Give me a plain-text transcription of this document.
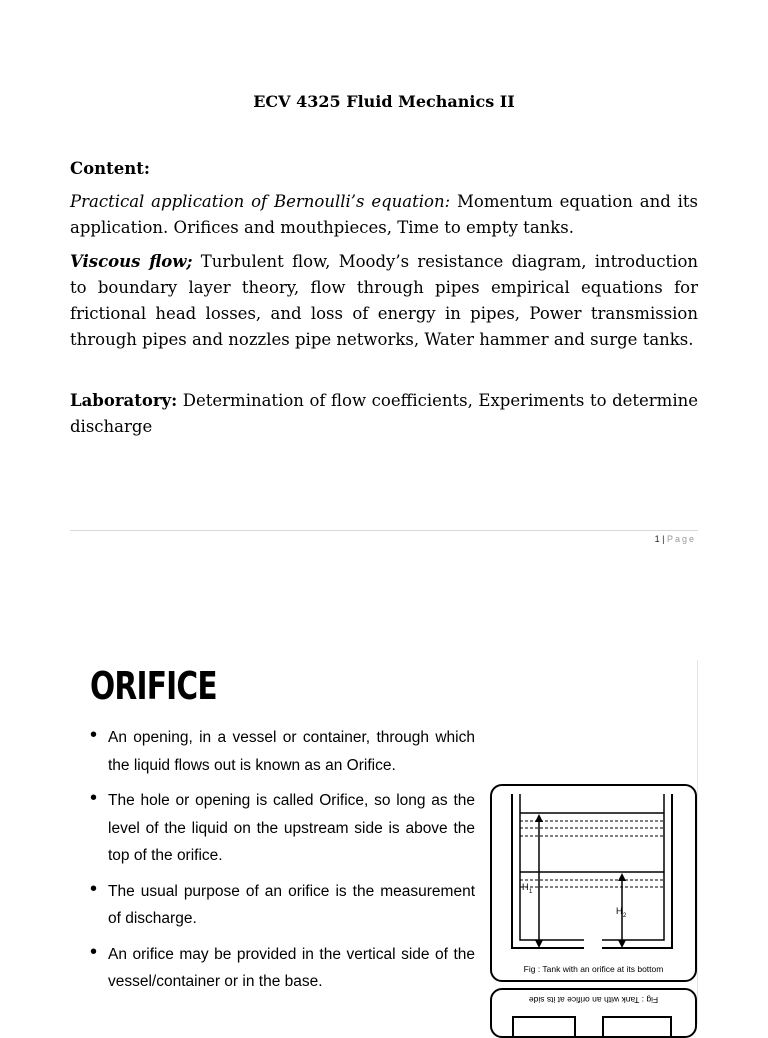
ECV 4325 Fluid Mechanics II
Content:
Practical application of Bernoulli’s equation: Momentum equation and its application. Orifices and mouthpieces, Time to empty tanks.
Viscous flow; Turbulent flow, Moody’s resistance diagram, introduction to boundary layer theory, flow through pipes empirical equations for frictional head losses, and loss of energy in pipes, Power transmission through pipes and nozzles pipe networks, Water hammer and surge tanks.
Laboratory: Determination of flow coefficients, Experiments to determine discharge
1 | Page
ORIFICE
• An opening, in a vessel or container, through which the liquid flows out is known as an Orifice.
• The hole or opening is called Orifice, so long as the level of the liquid on the upstream side is above the top of the orifice.
• The usual purpose of an orifice is the measurement of discharge.
• An orifice may be provided in the vertical side of the vessel/container or in the base.
H 1
H 2
Fig : Tank with an orifice at its bottom
Fig : Tank with an orifice at its side
